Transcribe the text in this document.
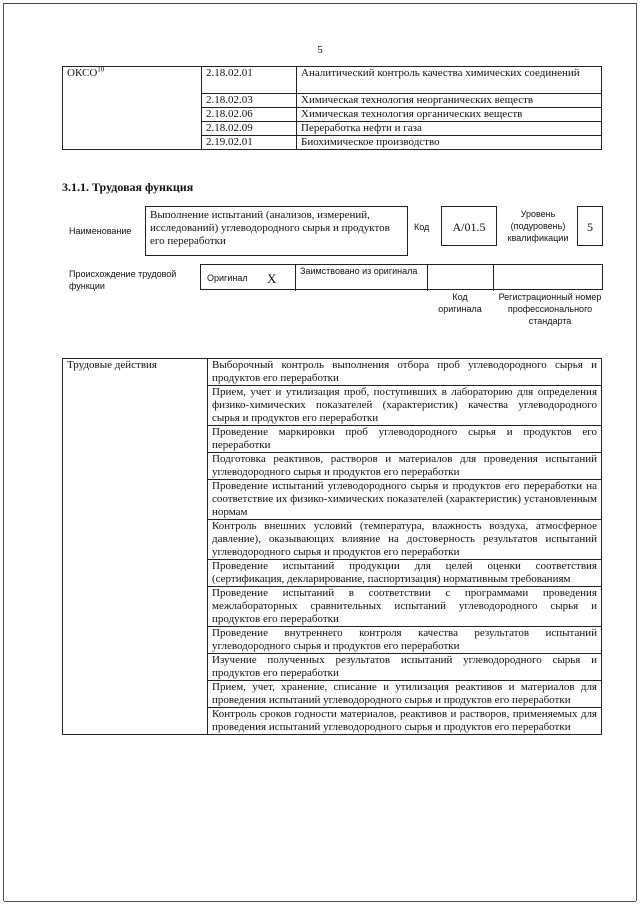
5
ОКСО$^{10}$	2.18.02.01	Аналитический контроль качества химических соединений
	2.18.02.03	Химическая технология неорганических веществ
	2.18.02.06	Химическая технология органических веществ
	2.18.02.09	Переработка нефти и газа
	2.19.02.01	Биохимическое производство
3.1.1. Трудовая функция
Наименование
Выполнение испытаний (анализов, измерений, исследований) углеводородного сырья и продуктов его переработки
Код	A/01.5
Уровень (подуровень) квалификации
5
Происхождение трудовой функции
Оригинал X	Заимствовано из оригинала
Код оригинала
Регистрационный номер профессионального стандарта
Трудовые действия	Выборочный контроль выполнения отбора проб углеводородного сырья и продуктов его переработки
Прием, учет и утилизация проб, поступивших в лабораторию для определения физико-химических показателей (характеристик) качества углеводородного сырья и продуктов его переработки
Проведение маркировки проб углеводородного сырья и продуктов его переработки
Подготовка реактивов, растворов и материалов для проведения испытаний углеводородного сырья и продуктов его переработки
Проведение испытаний углеводородного сырья и продуктов его переработки на соответствие их физико-химических показателей (характеристик) установленным нормам
Контроль внешних условий (температура, влажность воздуха, атмосферное давление), оказывающих влияние на достоверность результатов испытаний углеводородного сырья и продуктов его переработки
Проведение испытаний продукции для целей оценки соответствия (сертификация, декларирование, паспортизация) нормативным требованиям
Проведение испытаний в соответствии с программами проведения межлабораторных сравнительных испытаний углеводородного сырья и продуктов его переработки
Проведение внутреннего контроля качества результатов испытаний углеводородного сырья и продуктов его переработки
Изучение полученных результатов испытаний углеводородного сырья и продуктов его переработки
Прием, учет, хранение, списание и утилизация реактивов и материалов для проведения испытаний углеводородного сырья и продуктов его переработки
Контроль сроков годности материалов, реактивов и растворов, применяемых для проведения испытаний углеводородного сырья и продуктов его переработки
